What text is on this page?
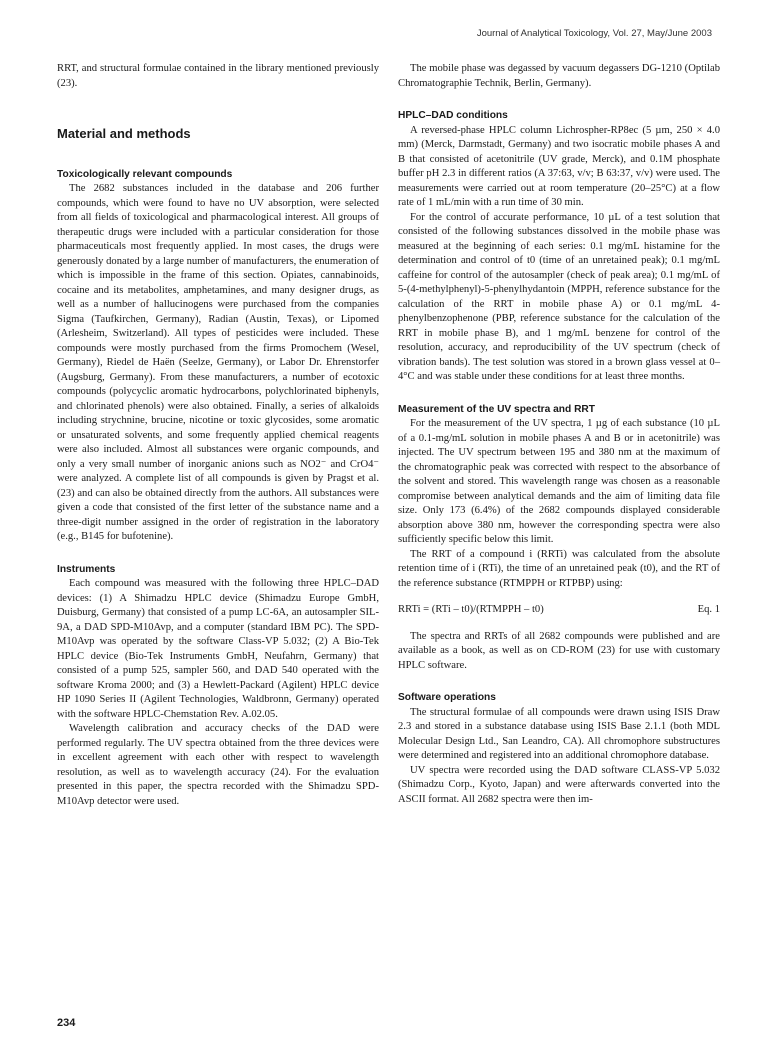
Journal of Analytical Toxicology, Vol. 27, May/June 2003

RRT, and structural formulae contained in the library mentioned previously (23).

Material and methods
Toxicologically relevant compounds

The 2682 substances included in the database and 206 further compounds, which were found to have no UV absorption, were selected from all fields of toxicological and pharmacological interest. All groups of therapeutic drugs were included with a particular consideration for those pharmaceuticals most frequently applied. In most cases, the drugs were generously donated by a large number of manufacturers, the enumeration of which is impossible in the frame of this section. Opiates, cannabinoids, cocaine and its metabolites, amphetamines, and many designer drugs, as well as a number of hallucinogens were purchased from the companies Sigma (Taufkirchen, Germany), Radian (Austin, Texas), or Lipomed (Arlesheim, Switzerland). All types of pesticides were included. These compounds were mostly purchased from the firms Promochem (Wesel, Germany), Riedel de Haën (Seelze, Germany), or Labor Dr. Ehrenstorfer (Augsburg, Germany). From these manufacturers, a number of ecotoxic compounds (polycyclic aromatic hydrocarbons, polychlorinated biphenyls, and chlorinated phenols) were also obtained. Finally, a series of alkaloids including strychnine, brucine, nicotine or toxic glycosides, some aromatic or unsaturated solvents, and some frequently applied chemical reagents were also included. Almost all substances were organic compounds, and only a very small number of inorganic anions such as NO2⁻ and CrO4⁻ were analyzed. A complete list of all compounds is given by Pragst et al. (23) and can also be obtained directly from the authors. All substances were given a code that consisted of the first letter of the substance name and a three-digit number assigned in the order of registration in the laboratory (e.g., B145 for bufotenine).

Instruments

Each compound was measured with the following three HPLC–DAD devices: (1) A Shimadzu HPLC device (Shimadzu Europe GmbH, Duisburg, Germany) that consisted of a pump LC-6A, an autosampler SIL-9A, a DAD SPD-M10Avp, and a computer (standard IBM PC). The SPD-M10Avp was operated by the software Class-VP 5.032; (2) A Bio-Tek HPLC device (Bio-Tek Instruments GmbH, Neufahrn, Germany) that consisted of a pump 525, sampler 560, and DAD 540 operated with the software Kroma 2000; and (3) a Hewlett-Packard (Agilent) HPLC device HP 1090 Series II (Agilent Technologies, Waldbronn, Germany) operated with the software HPLC-Chemstation Rev. A.02.05.

Wavelength calibration and accuracy checks of the DAD were performed regularly. The UV spectra obtained from the three devices were in excellent agreement with each other with respect to wavelength resolution, as well as to wavelength accuracy (24). For the evaluation presented in this paper, the spectra recorded with the Shimadzu SPD-M10Avp detector were used.

The mobile phase was degassed by vacuum degassers DG-1210 (Optilab Chromatographie Technik, Berlin, Germany).

HPLC–DAD conditions

A reversed-phase HPLC column Lichrospher-RP8ec (5 µm, 250 × 4.0 mm) (Merck, Darmstadt, Germany) and two isocratic mobile phases A and B that consisted of acetonitrile (UV grade, Merck), and 0.1M phosphate buffer pH 2.3 in different ratios (A 37:63, v/v; B 63:37, v/v) were used. The measurements were carried out at room temperature (20–25°C) at a flow rate of 1 mL/min with a run time of 30 min.

For the control of accurate performance, 10 µL of a test solution that consisted of the following substances dissolved in the mobile phase was measured at the beginning of each series: 0.1 mg/mL histamine for the determination and control of t0 (time of an unretained peak); 0.1 mg/mL caffeine for control of the autosampler (check of peak area); 0.1 mg/mL of 5-(4-methylphenyl)-5-phenylhydantoin (MPPH, reference substance for the calculation of the RRT in mobile phase A) or 0.1 mg/mL 4-phenylbenzophenone (PBP, reference substance for the calculation of the RRT in mobile phase B), and 1 mg/mL benzene for control of the resolution, accuracy, and reproducibility of the UV spectrum (check of vibration bands). The test solution was stored in a brown glass vessel at 0–4°C and was stable under these conditions for at least three months.

Measurement of the UV spectra and RRT

For the measurement of the UV spectra, 1 µg of each substance (10 µL of a 0.1-mg/mL solution in mobile phases A and B or in acetonitrile) was injected. The UV spectrum between 195 and 380 nm at the maximum of the chromatographic peak was corrected with respect to the absorbance of the solvent and stored. This wavelength range was chosen as a reasonable compromise between analytical demands and the aim of limiting data file size. Only 173 (6.4%) of the 2682 compounds displayed considerable absorption above 380 nm, however the corresponding spectra were also sufficiently specific below this limit.

The RRT of a compound i (RRTi) was calculated from the absolute retention time of i (RTi), the time of an unretained peak (t0), and the RT of the reference substance (RTMPPH or RTPBP) using:

RRTi = (RTi – t0)/(RTMPPH – t0)	Eq. 1

The spectra and RRTs of all 2682 compounds were published and are available as a book, as well as on CD-ROM (23) for use with customary HPLC software.

Software operations

The structural formulae of all compounds were drawn using ISIS Draw 2.3 and stored in a substance database using ISIS Base 2.1.1 (both MDL Molecular Design Ltd., San Leandro, CA). All chromophore substructures were determined and registered into an additional chromophore database.

UV spectra were recorded using the DAD software CLASS-VP 5.032 (Shimadzu Corp., Kyoto, Japan) and were afterwards converted into the ASCII format. All 2682 spectra were then im-

234
